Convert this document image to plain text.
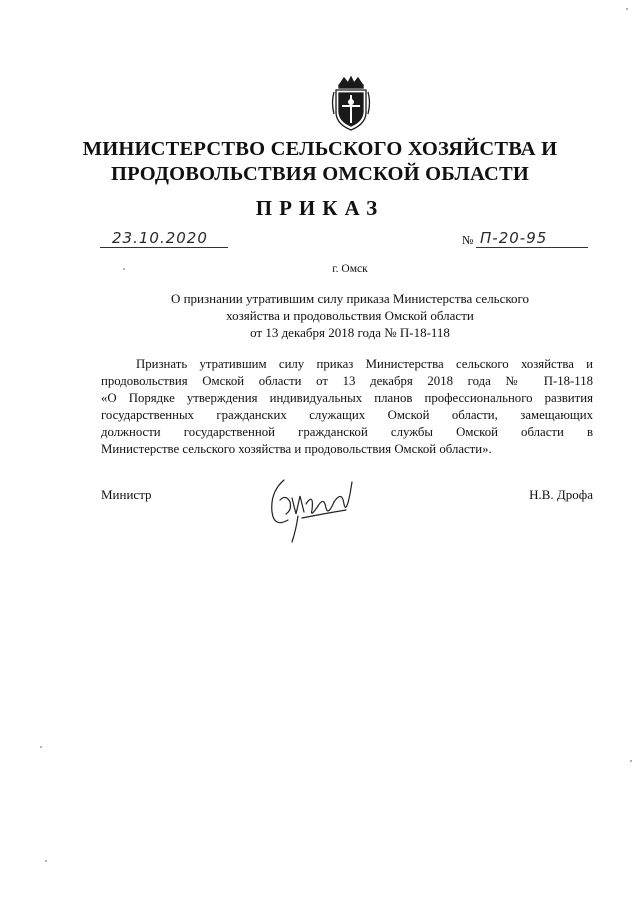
МИНИСТЕРСТВО СЕЛЬСКОГО ХОЗЯЙСТВА И
ПРОДОВОЛЬСТВИЯ ОМСКОЙ ОБЛАСТИ
ПРИКАЗ
23.10.2020	№ П-20-95
г. Омск
О признании утратившим силу приказа Министерства сельского
хозяйства и продовольствия Омской области
от 13 декабря 2018 года № П-18-118
Признать утратившим силу приказ Министерства сельского хозяйства и
продовольствия Омской области от 13 декабря 2018 года № П-18-118
«О Порядке утверждения индивидуальных планов профессионального развития
государственных гражданских служащих Омской области, замещающих
должности государственной гражданской службы Омской области в
Министерстве сельского хозяйства и продовольствия Омской области».
Министр	Н.В. Дрофа
